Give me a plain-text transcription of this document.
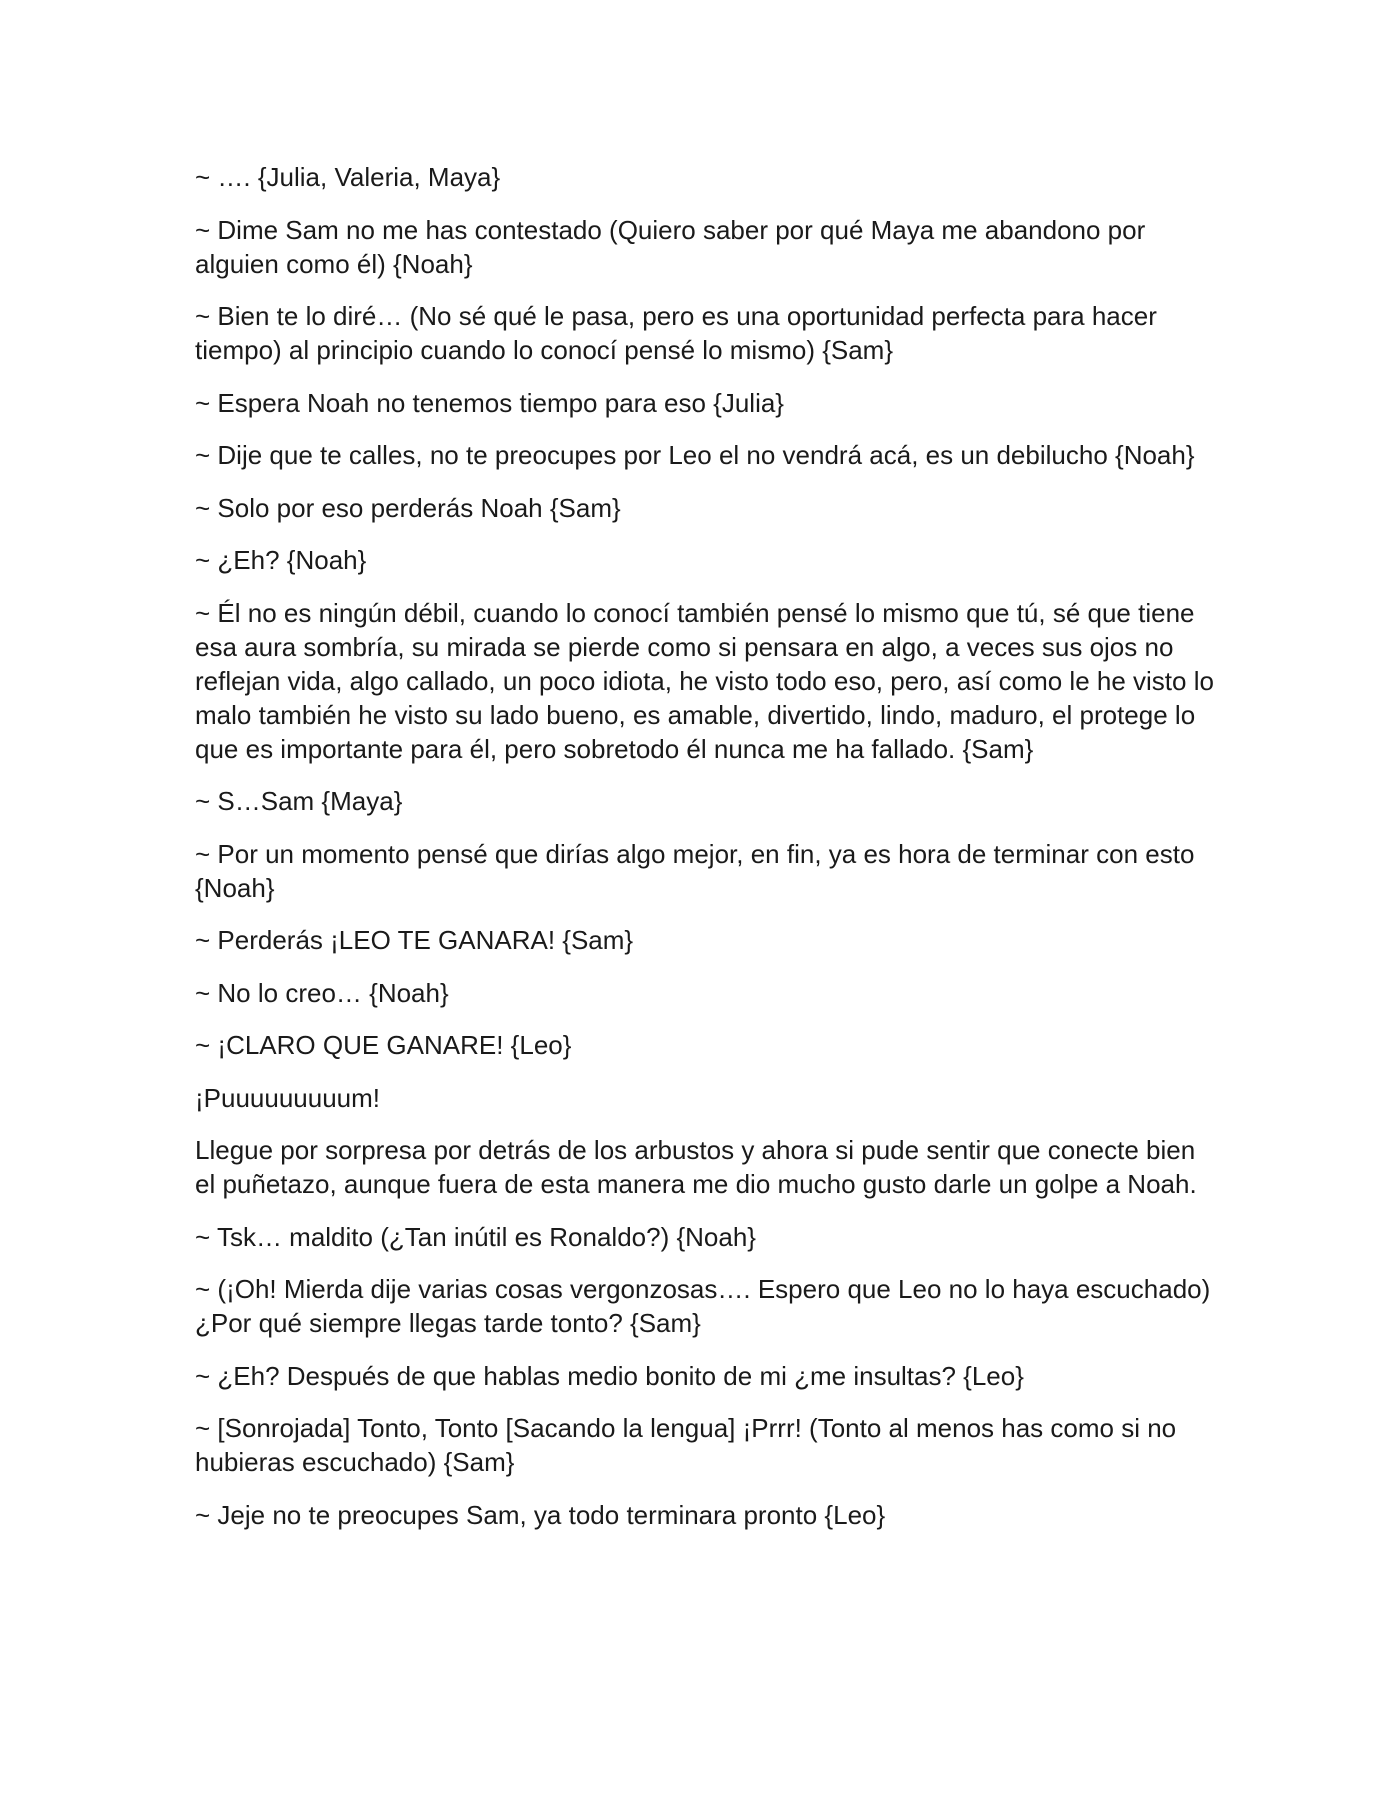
~ …. {Julia, Valeria, Maya}

~ Dime Sam no me has contestado (Quiero saber por qué Maya me abandono por alguien como él) {Noah}

~ Bien te lo diré… (No sé qué le pasa, pero es una oportunidad perfecta para hacer tiempo) al principio cuando lo conocí pensé lo mismo) {Sam}

~ Espera Noah no tenemos tiempo para eso {Julia}

~ Dije que te calles, no te preocupes por Leo el no vendrá acá, es un debilucho {Noah}

~ Solo por eso perderás Noah {Sam}

~ ¿Eh? {Noah}

~ Él no es ningún débil, cuando lo conocí también pensé lo mismo que tú, sé que tiene esa aura sombría, su mirada se pierde como si pensara en algo, a veces sus ojos no reflejan vida, algo callado, un poco idiota, he visto todo eso, pero, así como le he visto lo malo también he visto su lado bueno, es amable, divertido, lindo, maduro, el protege lo que es importante para él, pero sobretodo él nunca me ha fallado. {Sam}

~ S…Sam {Maya}

~ Por un momento pensé que dirías algo mejor, en fin, ya es hora de terminar con esto {Noah}

~ Perderás ¡LEO TE GANARA! {Sam}

~ No lo creo… {Noah}

~ ¡CLARO QUE GANARE! {Leo}

¡Puuuuuuuuum!

Llegue por sorpresa por detrás de los arbustos y ahora si pude sentir que conecte bien el puñetazo, aunque fuera de esta manera me dio mucho gusto darle un golpe a Noah.

~ Tsk… maldito (¿Tan inútil es Ronaldo?) {Noah}

~ (¡Oh! Mierda dije varias cosas vergonzosas…. Espero que Leo no lo haya escuchado) ¿Por qué siempre llegas tarde tonto? {Sam}

~ ¿Eh? Después de que hablas medio bonito de mi ¿me insultas? {Leo}

~ [Sonrojada] Tonto, Tonto [Sacando la lengua] ¡Prrr! (Tonto al menos has como si no hubieras escuchado) {Sam}

~ Jeje no te preocupes Sam, ya todo terminara pronto {Leo}
